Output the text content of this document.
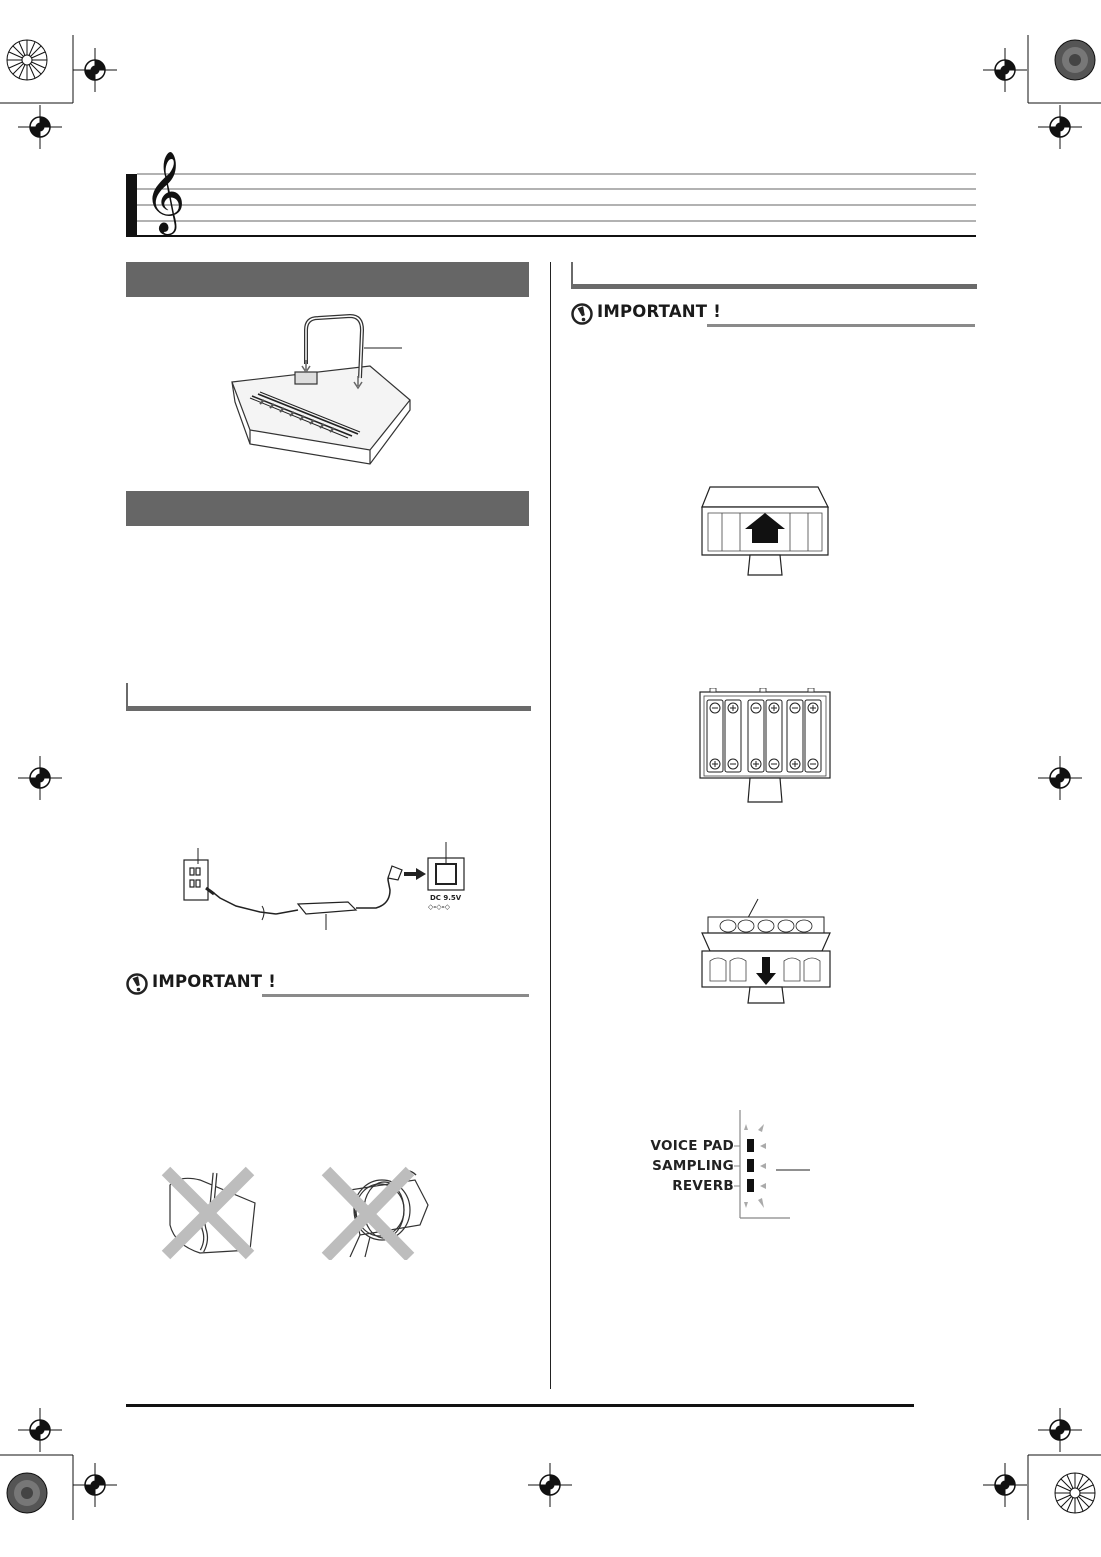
𝄞
DC 9.5V
◇-◇-◇
IMPORTANT !
IMPORTANT !
VOICE PAD
SAMPLING
REVERB
